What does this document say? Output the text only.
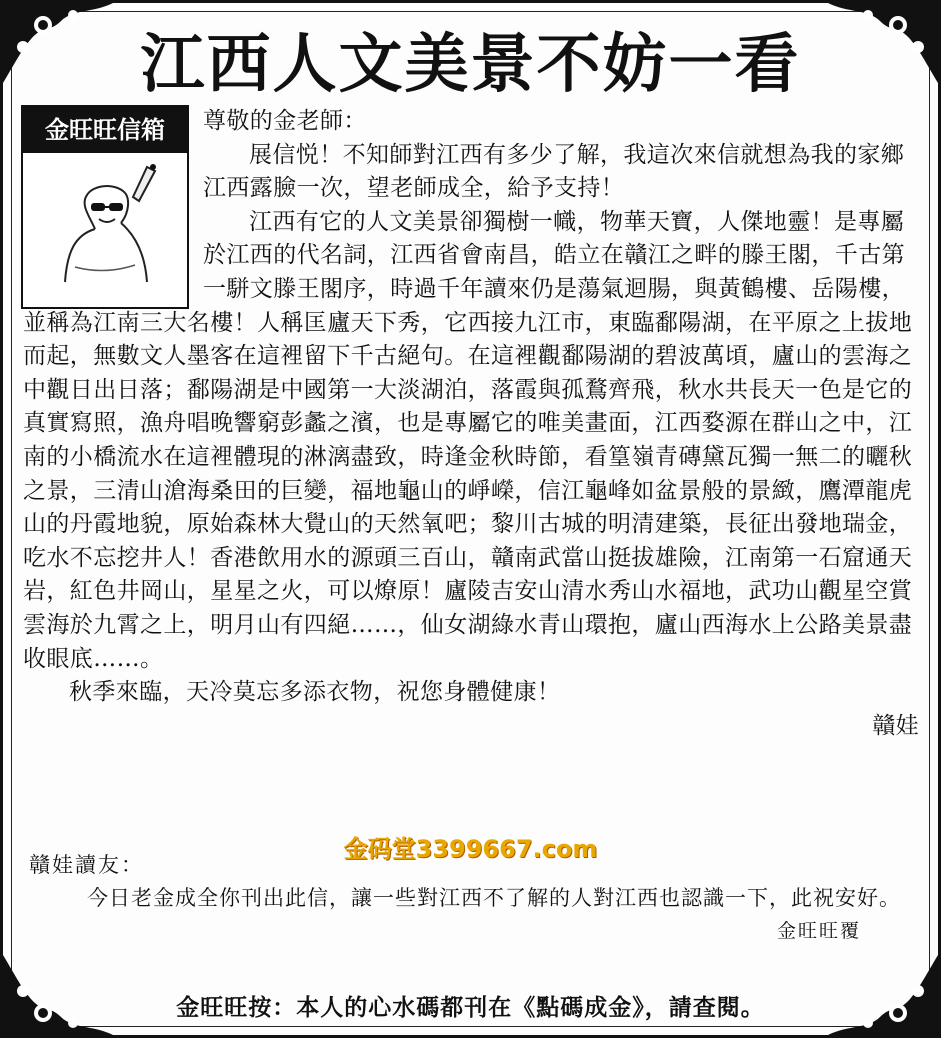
江西人文美景不妨一看

尊敬的金老師：

展信悦！不知師對江西有多少了解，我這次來信就想為我的家鄉江西露臉一次，望老師成全，給予支持！

江西有它的人文美景卻獨樹一幟，物華天寶，人傑地靈！是專屬於江西的代名詞，江西省會南昌，皓立在贛江之畔的滕王閣，千古第一駢文滕王閣序，時過千年讀來仍是蕩氣迴腸，與黃鶴樓、岳陽樓，並稱為江南三大名樓！人稱匡廬天下秀，它西接九江市，東臨鄱陽湖，在平原之上拔地而起，無數文人墨客在這裡留下千古絕句。在這裡觀鄱陽湖的碧波萬頃，廬山的雲海之中觀日出日落；鄱陽湖是中國第一大淡湖泊，落霞與孤鶩齊飛，秋水共長天一色是它的真實寫照，漁舟唱晚響窮彭蠡之濱，也是專屬它的唯美畫面，江西婺源在群山之中，江南的小橋流水在這裡體現的淋漓盡致，時逢金秋時節，看篁嶺青磚黛瓦獨一無二的曬秋之景，三清山滄海桑田的巨變，福地龜山的崢嶸，信江龜峰如盆景般的景緻，鷹潭龍虎山的丹霞地貌，原始森林大覺山的天然氧吧；黎川古城的明清建築，長征出發地瑞金，吃水不忘挖井人！香港飲用水的源頭三百山，贛南武當山挺拔雄險，江南第一石窟通天岩，紅色井岡山，星星之火，可以燎原！廬陵吉安山清水秀山水福地，武功山觀星空賞雲海於九霄之上，明月山有四絕……，仙女湖綠水青山環抱，廬山西海水上公路美景盡收眼底……。

秋季來臨，天冷莫忘多添衣物，祝您身體健康！

贛娃

金旺旺信箱
金码堂3399667.com

贛娃讀友：

今日老金成全你刊出此信，讓一些對江西不了解的人對江西也認識一下，此祝安好。

金旺旺覆

金旺旺按：本人的心水碼都刊在《點碼成金》，請查閱。
